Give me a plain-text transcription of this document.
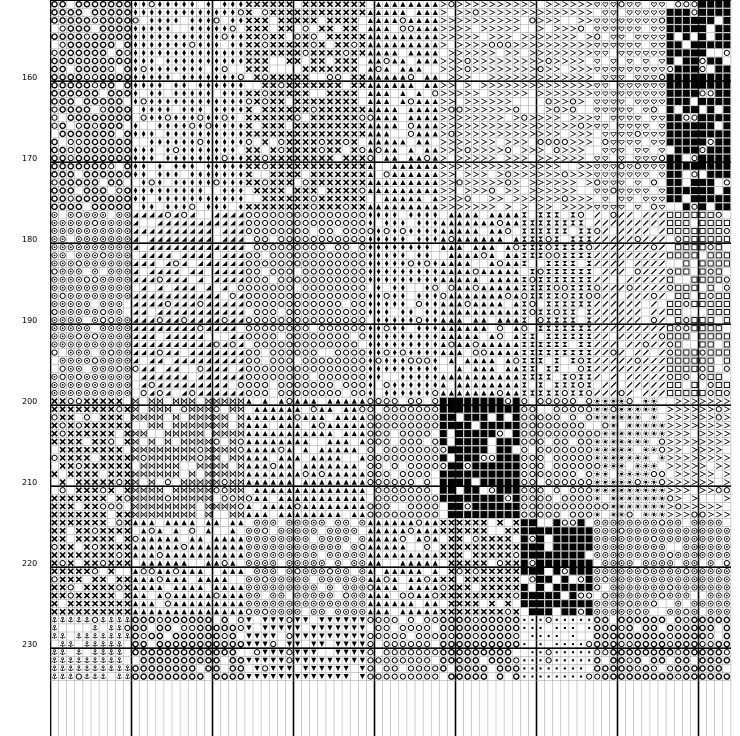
160
170
180
190
200
210
220
230
